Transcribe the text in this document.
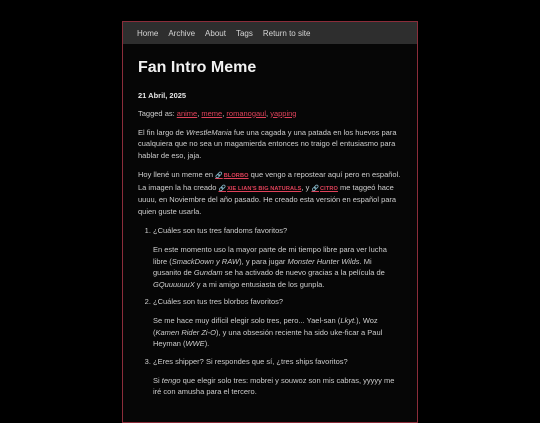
Home Archive About Tags Return to site
Fan Intro Meme
21 Abril, 2025
Tagged as: anime, meme, romanogaul, yapping

El fin largo de WrestleMania fue una cagada y una patada en los huevos para cualquiera que no sea un magamierda entonces no traigo el entusiasmo para hablar de eso, jaja.

Hoy llené un meme en 🔗BLORBO que vengo a repostear aquí pero en español. La imagen la ha creado 🔗XIE LIAN'S BIG NATURALS, y 🔗CITRO me taggeó hace uuuu, en Noviembre del año pasado. He creado esta versión en español para quien guste usarla.

1. ¿Cuáles son tus tres fandoms favoritos?

En este momento uso la mayor parte de mi tiempo libre para ver lucha libre (SmackDown y RAW), y para jugar Monster Hunter Wilds. Mi gusanito de Gundam se ha activado de nuevo gracias a la película de GQuuuuuuX y a mi amigo entusiasta de los gunpla.

2. ¿Cuáles son tus tres blorbos favoritos?

Se me hace muy difícil elegir solo tres, pero... Yael-san (Lkyt.), Woz (Kamen Rider Zi-O), y una obsesión reciente ha sido uke-ficar a Paul Heyman (WWE).

3. ¿Eres shipper? Si respondes que sí, ¿tres ships favoritos?

Si tengo que elegir solo tres: mobrei y souwoz son mis cabras, yyyyy me iré con amusha para el tercero.
